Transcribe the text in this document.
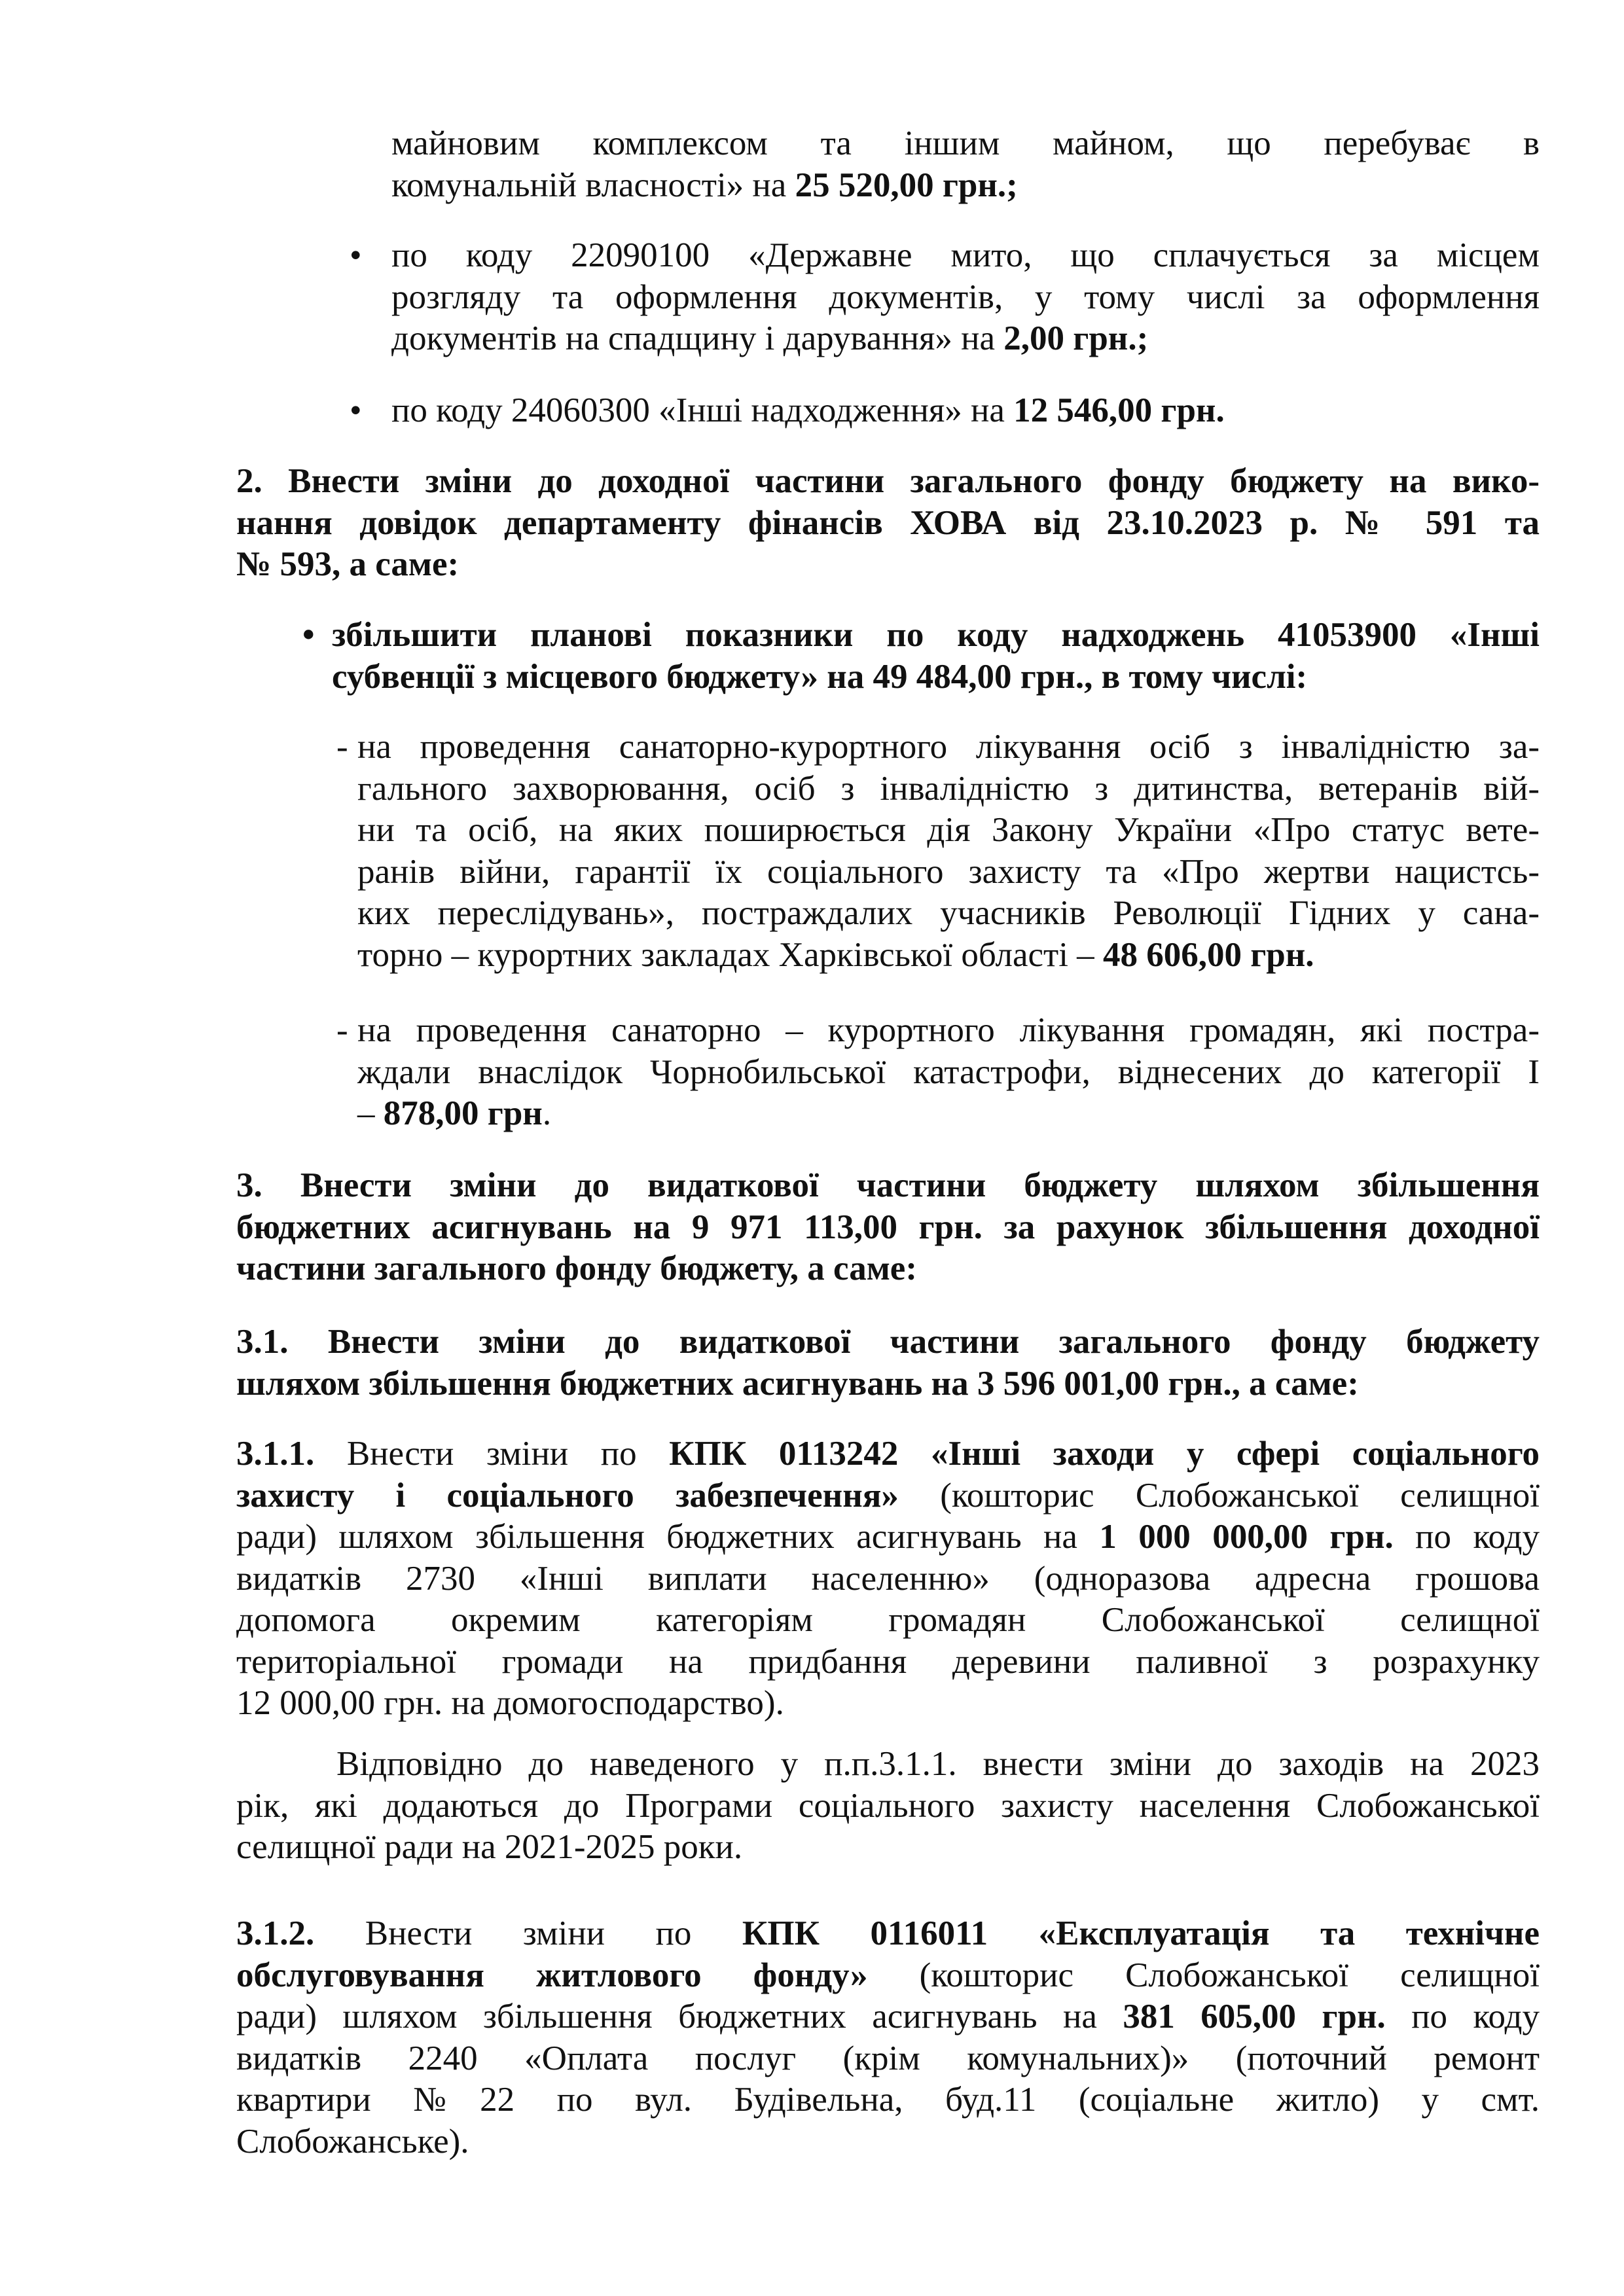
майновим комплексом та іншим майном, що перебуває в
комунальній власності» на 25 520,00 грн.;
• по коду 22090100 «Державне мито, що сплачується за місцем
розгляду та оформлення документів, у тому числі за оформлення
документів на спадщину і дарування» на 2,00 грн.;
• по коду 24060300 «Інші надходження» на 12 546,00 грн.
2. Внести зміни до доходної частини загального фонду бюджету на вико-
нання довідок департаменту фінансів ХОВА від 23.10.2023 р. № 591 та
№ 593, а саме:
• збільшити планові показники по коду надходжень 41053900 «Інші
субвенції з місцевого бюджету» на 49 484,00 грн., в тому числі:
- на проведення санаторно-курортного лікування осіб з інвалідністю за-
гального захворювання, осіб з інвалідністю з дитинства, ветеранів вій-
ни та осіб, на яких поширюється дія Закону України «Про статус вете-
ранів війни, гарантії їх соціального захисту та «Про жертви нацистсь-
ких переслідувань», постраждалих учасників Революції Гідних у сана-
торно – курортних закладах Харківської області – 48 606,00 грн.
- на проведення санаторно – курортного лікування громадян, які постра-
ждали внаслідок Чорнобильської катастрофи, віднесених до категорії І
– 878,00 грн.
3. Внести зміни до видаткової частини бюджету шляхом збільшення
бюджетних асигнувань на 9 971 113,00 грн. за рахунок збільшення доходної
частини загального фонду бюджету, а саме:
3.1. Внести зміни до видаткової частини загального фонду бюджету
шляхом збільшення бюджетних асигнувань на 3 596 001,00 грн., а саме:
3.1.1. Внести зміни по КПК 0113242 «Інші заходи у сфері соціального
захисту і соціального забезпечення» (кошторис Слобожанської селищної
ради) шляхом збільшення бюджетних асигнувань на 1 000 000,00 грн. по коду
видатків 2730 «Інші виплати населенню» (одноразова адресна грошова
допомога окремим категоріям громадян Слобожанської селищної
територіальної громади на придбання деревини паливної з розрахунку
12 000,00 грн. на домогосподарство).
Відповідно до наведеного у п.п.3.1.1. внести зміни до заходів на 2023
рік, які додаються до Програми соціального захисту населення Слобожанської
селищної ради на 2021-2025 роки.
3.1.2. Внести зміни по КПК 0116011 «Експлуатація та технічне
обслуговування житлового фонду» (кошторис Слобожанської селищної
ради) шляхом збільшення бюджетних асигнувань на 381 605,00 грн. по коду
видатків 2240 «Оплата послуг (крім комунальних)» (поточний ремонт
квартири №22 по вул. Будівельна, буд.11 (соціальне житло) у смт.
Слобожанське).
